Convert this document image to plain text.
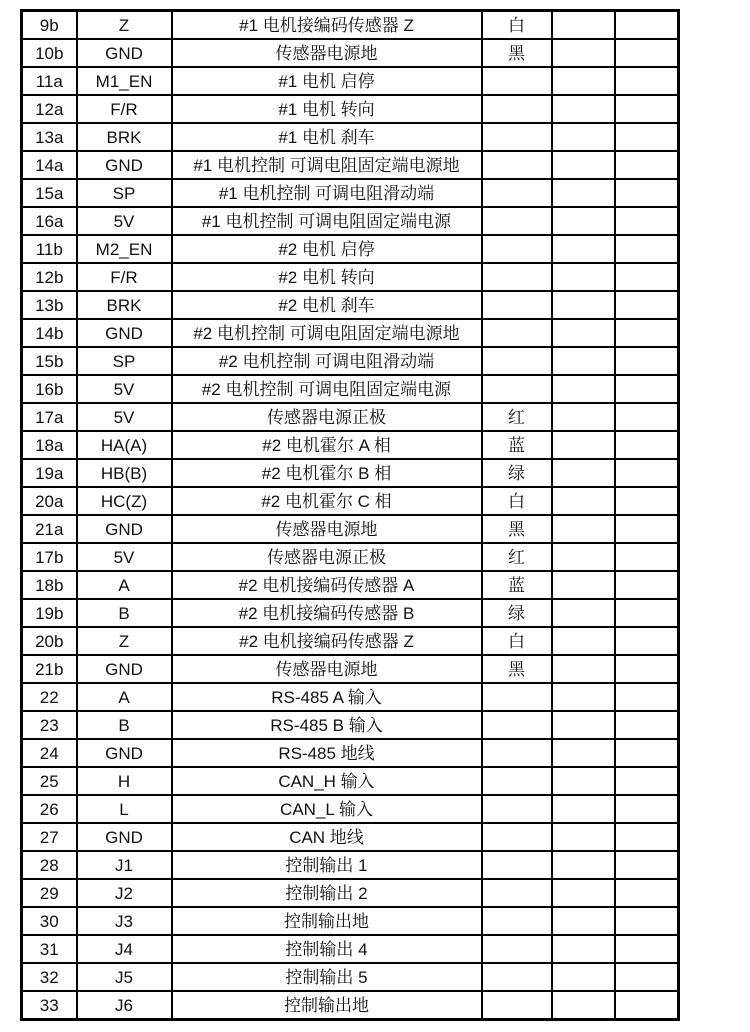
9b	Z	#1 电机接编码传感器 Z	白		
10b	GND	传感器电源地	黑		
11a	M1_EN	#1 电机 启停			
12a	F/R	#1 电机 转向			
13a	BRK	#1 电机 刹车			
14a	GND	#1 电机控制 可调电阻固定端电源地			
15a	SP	#1 电机控制 可调电阻滑动端			
16a	5V	#1 电机控制 可调电阻固定端电源			
11b	M2_EN	#2 电机 启停			
12b	F/R	#2 电机 转向			
13b	BRK	#2 电机 刹车			
14b	GND	#2 电机控制 可调电阻固定端电源地			
15b	SP	#2 电机控制 可调电阻滑动端			
16b	5V	#2 电机控制 可调电阻固定端电源			
17a	5V	传感器电源正极	红		
18a	HA(A)	#2 电机霍尔 A 相	蓝		
19a	HB(B)	#2 电机霍尔 B 相	绿		
20a	HC(Z)	#2 电机霍尔 C 相	白		
21a	GND	传感器电源地	黑		
17b	5V	传感器电源正极	红		
18b	A	#2 电机接编码传感器 A	蓝		
19b	B	#2 电机接编码传感器 B	绿		
20b	Z	#2 电机接编码传感器 Z	白		
21b	GND	传感器电源地	黑		
22	A	RS-485 A 输入			
23	B	RS-485 B 输入			
24	GND	RS-485 地线			
25	H	CAN_H 输入			
26	L	CAN_L 输入			
27	GND	CAN 地线			
28	J1	控制输出 1			
29	J2	控制输出 2			
30	J3	控制输出地			
31	J4	控制输出 4			
32	J5	控制输出 5			
33	J6	控制输出地			
